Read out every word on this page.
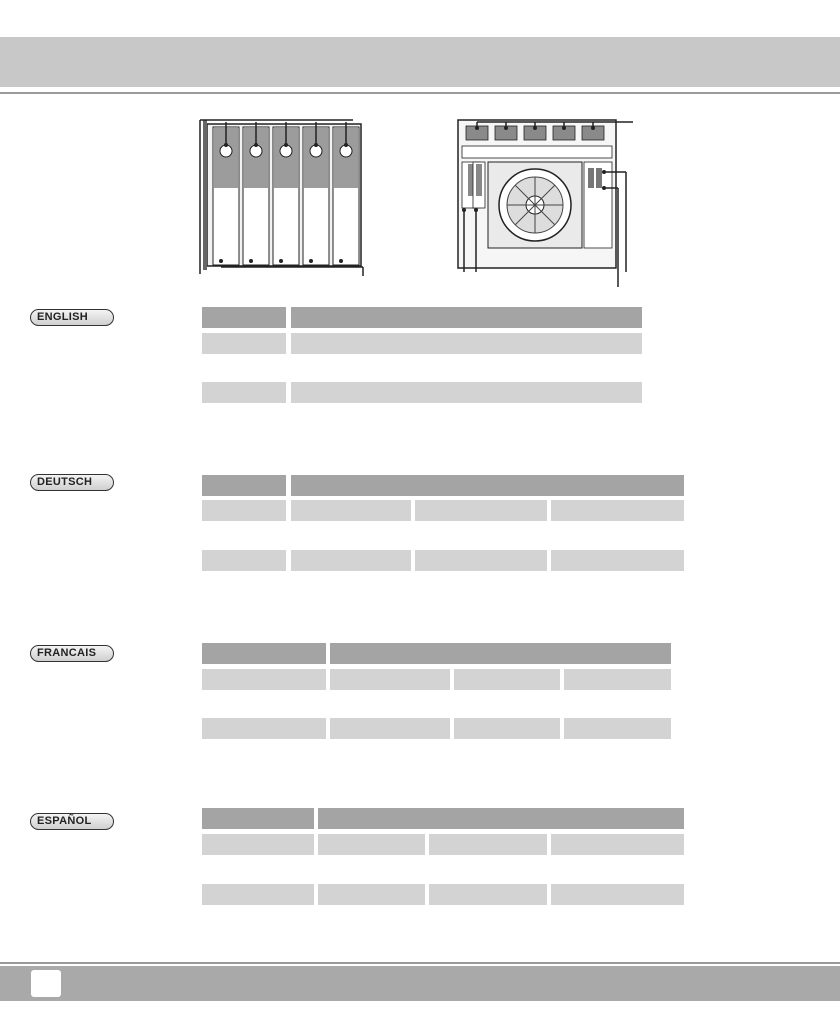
ENGLISH
DEUTSCH
FRANCAIS
ESPAÑOL
